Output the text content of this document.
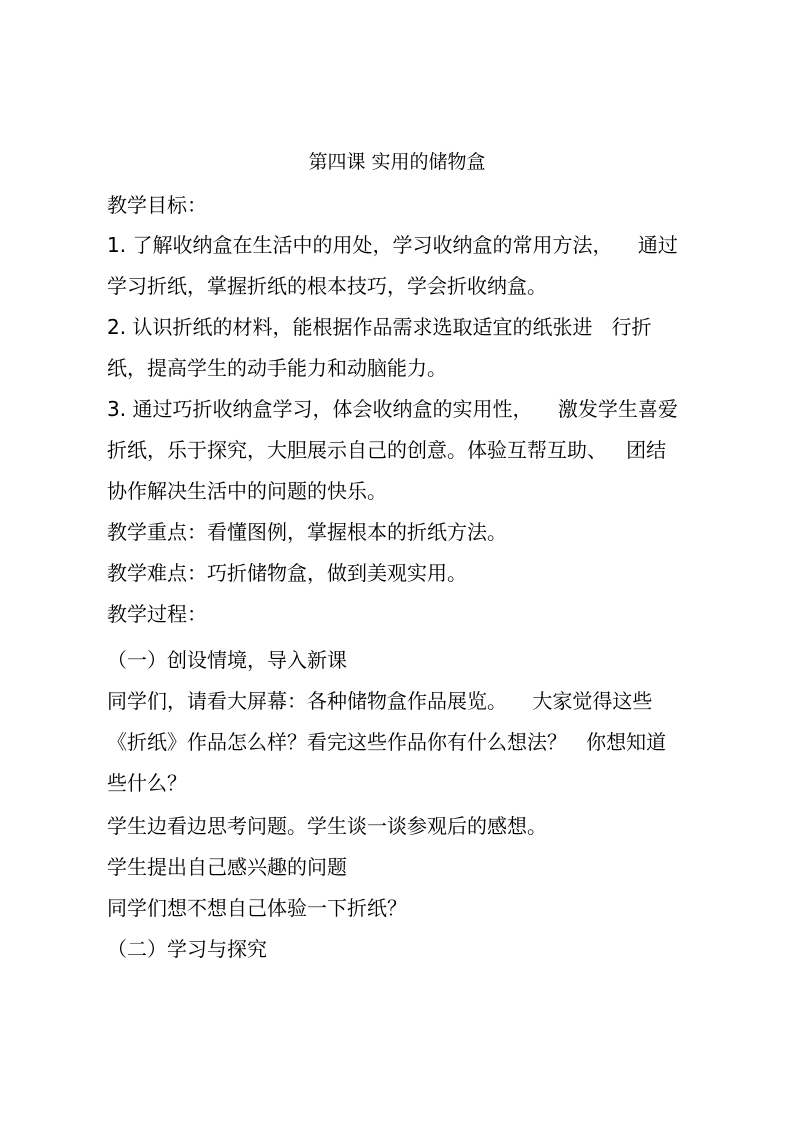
第四课 实用的储物盒
教学目标：
1. 了解收纳盒在生活中的用处，学习收纳盒的常用方法，    通过
学习折纸，掌握折纸的根本技巧，学会折收纳盒。
2. 认识折纸的材料，能根据作品需求选取适宜的纸张进   行折
纸，提高学生的动手能力和动脑能力。
3. 通过巧折收纳盒学习，体会收纳盒的实用性，    激发学生喜爱
折纸，乐于探究，大胆展示自己的创意。体验互帮互助、   团结
协作解决生活中的问题的快乐。
教学重点：看懂图例，掌握根本的折纸方法。
教学难点：巧折储物盒，做到美观实用。
教学过程：
（一）创设情境，导入新课
同学们，请看大屏幕：各种储物盒作品展览。    大家觉得这些
《折纸》作品怎么样？看完这些作品你有什么想法？   你想知道
些什么？
学生边看边思考问题。学生谈一谈参观后的感想。
学生提出自己感兴趣的问题
同学们想不想自己体验一下折纸？
（二）学习与探究
